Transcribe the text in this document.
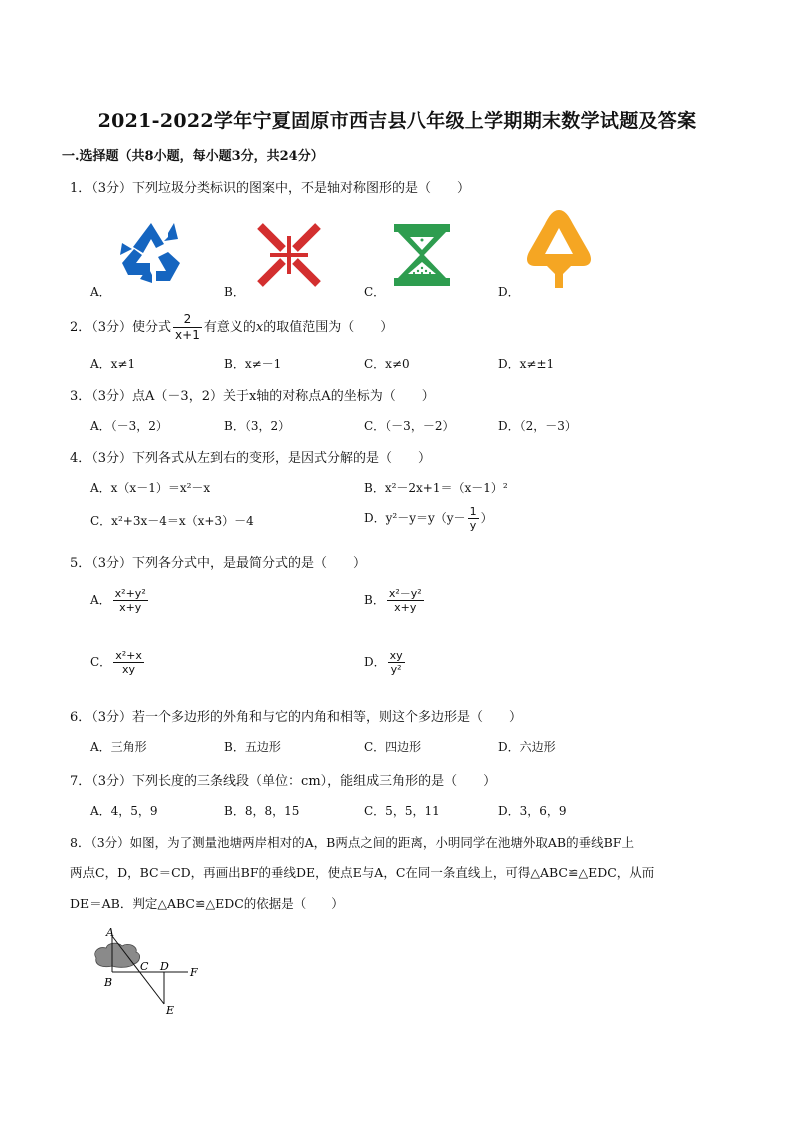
2021-2022学年宁夏固原市西吉县八年级上学期期末数学试题及答案
一.选择题（共8小题，每小题3分，共24分）
1．（3分）下列垃圾分类标识的图案中，不是轴对称图形的是（　　）
A．	B．	C．	D．
2．（3分）使分式 $\frac{2}{x+1}$ 有意义的x的取值范围为（　　）
A．x≠1	B．x≠－1	C．x≠0	D．x≠±1
3．（3分）点A（－3，2）关于x轴的对称点A的坐标为（　　）
A．（－3，2）	B．（3，2）	C．（－3，－2）	D．（2，－3）
4．（3分）下列各式从左到右的变形，是因式分解的是（　　）
A．x（x－1）＝x²－x	B．x²－2x+1＝（x－1）²
C．x²+3x－4＝x（x+3）－4	D．$y^2-y=y(y- \frac{1}{y}$ ）
5．（3分）下列各分式中，是最简分式的是（　　）
A． $\frac{\text{x²+y²}}{x+y}$	B． $\frac{\text{x²－y²}}{x+y}$
C． $\frac{\text{x²+x}}{xy}$	D． $\frac{xy}{\text{y²}}$
6．（3分）若一个多边形的外角和与它的内角和相等，则这个多边形是（　　）
A．三角形	B．五边形	C．四边形	D．六边形
7．（3分）下列长度的三条线段（单位：cm），能组成三角形的是（　　）
A．4，5，9	B．8，8，15	C．5，5，11	D．3，6，9
8．（3分）如图，为了测量池塘两岸相对的A，B两点之间的距离，小明同学在池塘外取AB的垂线BF上
两点C，D，BC＝CD，再画出BF的垂线DE，使点E与A，C在同一条直线上，可得△ABC≌△EDC，从而
DE＝AB．判定△ABC≌△EDC的依据是（　　）
A
B
C D F
E
